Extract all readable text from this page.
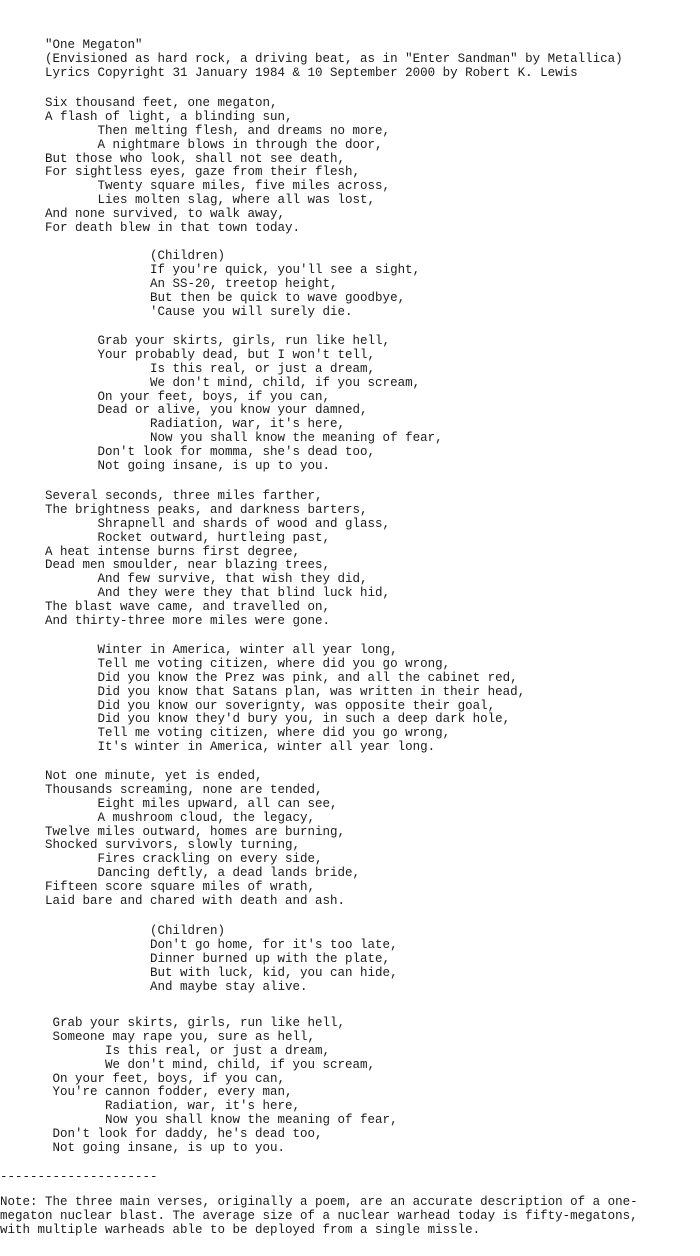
"One Megaton"
(Envisioned as hard rock, a driving beat, as in "Enter Sandman" by Metallica)
Lyrics Copyright 31 January 1984 & 10 September 2000 by Robert K. Lewis
Six thousand feet, one megaton,
A flash of light, a blinding sun,
Then melting flesh, and dreams no more,
A nightmare blows in through the door,
But those who look, shall not see death,
For sightless eyes, gaze from their flesh,
Twenty square miles, five miles across,
Lies molten slag, where all was lost,
And none survived, to walk away,
For death blew in that town today.
(Children)
If you're quick, you'll see a sight,
An SS-20, treetop height,
But then be quick to wave goodbye,
'Cause you will surely die.
Grab your skirts, girls, run like hell,
Your probably dead, but I won't tell,
Is this real, or just a dream,
We don't mind, child, if you scream,
On your feet, boys, if you can,
Dead or alive, you know your damned,
Radiation, war, it's here,
Now you shall know the meaning of fear,
Don't look for momma, she's dead too,
Not going insane, is up to you.
Several seconds, three miles farther,
The brightness peaks, and darkness barters,
Shrapnell and shards of wood and glass,
Rocket outward, hurtleing past,
A heat intense burns first degree,
Dead men smoulder, near blazing trees,
And few survive, that wish they did,
And they were they that blind luck hid,
The blast wave came, and travelled on,
And thirty-three more miles were gone.
Winter in America, winter all year long,
Tell me voting citizen, where did you go wrong,
Did you know the Prez was pink, and all the cabinet red,
Did you know that Satans plan, was written in their head,
Did you know our soverignty, was opposite their goal,
Did you know they'd bury you, in such a deep dark hole,
Tell me voting citizen, where did you go wrong,
It's winter in America, winter all year long.
Not one minute, yet is ended,
Thousands screaming, none are tended,
Eight miles upward, all can see,
A mushroom cloud, the legacy,
Twelve miles outward, homes are burning,
Shocked survivors, slowly turning,
Fires crackling on every side,
Dancing deftly, a dead lands bride,
Fifteen score square miles of wrath,
Laid bare and chared with death and ash.
(Children)
Don't go home, for it's too late,
Dinner burned up with the plate,
But with luck, kid, you can hide,
And maybe stay alive.
Grab your skirts, girls, run like hell,
Someone may rape you, sure as hell,
Is this real, or just a dream,
We don't mind, child, if you scream,
On your feet, boys, if you can,
You're cannon fodder, every man,
Radiation, war, it's here,
Now you shall know the meaning of fear,
Don't look for daddy, he's dead too,
Not going insane, is up to you.
---------------------
Note: The three main verses, originally a poem, are an accurate description of a one-
megaton nuclear blast. The average size of a nuclear warhead today is fifty-megatons,
with multiple warheads able to be deployed from a single missle.
